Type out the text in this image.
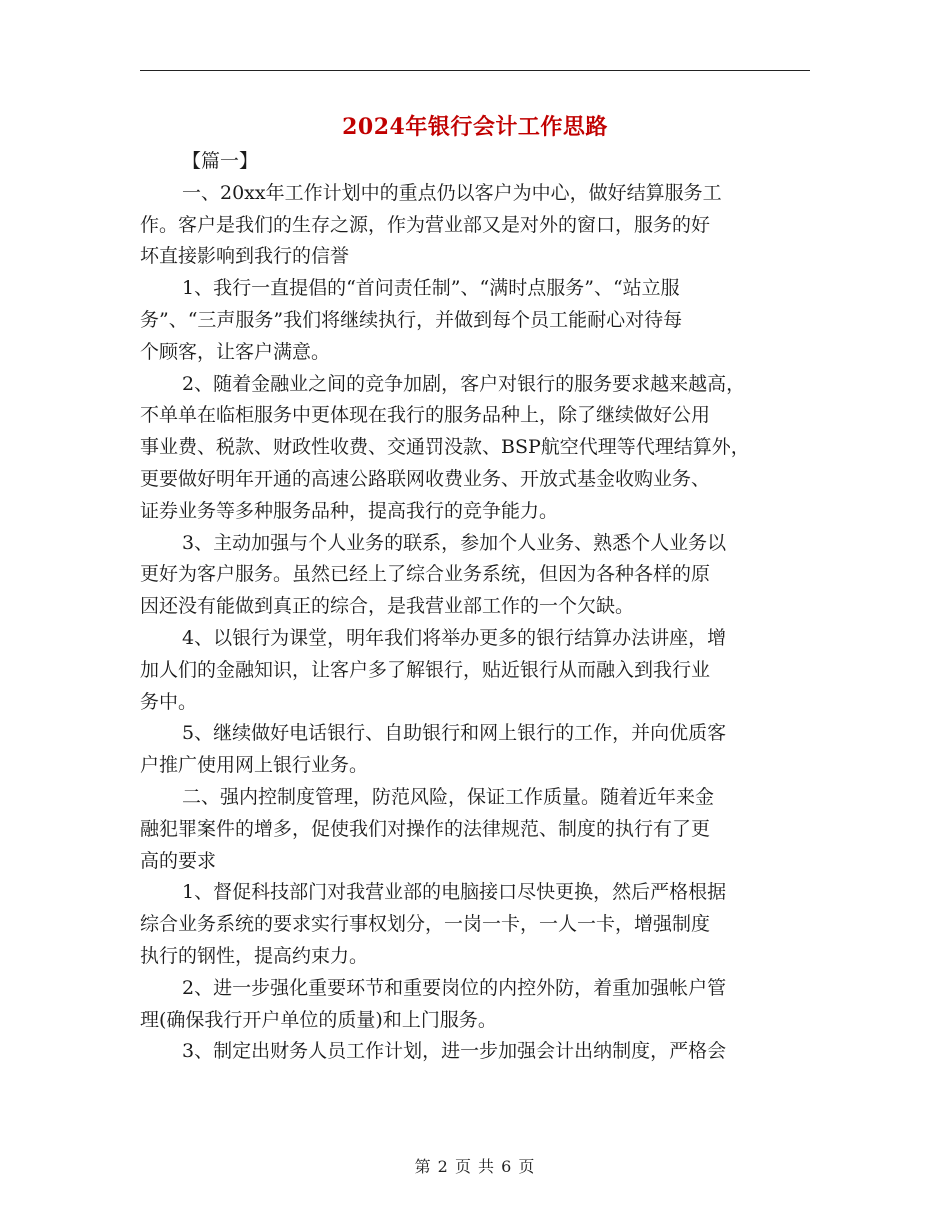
2024年银行会计工作思路
【篇一】
一、20xx年工作计划中的重点仍以客户为中心，做好结算服务工
作。客户是我们的生存之源，作为营业部又是对外的窗口，服务的好
坏直接影响到我行的信誉
1、我行一直提倡的“首问责任制”、“满时点服务”、“站立服
务”、“三声服务”我们将继续执行，并做到每个员工能耐心对待每
个顾客，让客户满意。
2、随着金融业之间的竞争加剧，客户对银行的服务要求越来越高，
不单单在临柜服务中更体现在我行的服务品种上，除了继续做好公用
事业费、税款、财政性收费、交通罚没款、BSP航空代理等代理结算外，
更要做好明年开通的高速公路联网收费业务、开放式基金收购业务、
证券业务等多种服务品种，提高我行的竞争能力。
3、主动加强与个人业务的联系，参加个人业务、熟悉个人业务以
更好为客户服务。虽然已经上了综合业务系统，但因为各种各样的原
因还没有能做到真正的综合，是我营业部工作的一个欠缺。
4、以银行为课堂，明年我们将举办更多的银行结算办法讲座，增
加人们的金融知识，让客户多了解银行，贴近银行从而融入到我行业
务中。
5、继续做好电话银行、自助银行和网上银行的工作，并向优质客
户推广使用网上银行业务。
二、强内控制度管理，防范风险，保证工作质量。随着近年来金
融犯罪案件的增多，促使我们对操作的法律规范、制度的执行有了更
高的要求
1、督促科技部门对我营业部的电脑接口尽快更换，然后严格根据
综合业务系统的要求实行事权划分，一岗一卡，一人一卡，增强制度
执行的钢性，提高约束力。
2、进一步强化重要环节和重要岗位的内控外防，着重加强帐户管
理(确保我行开户单位的质量)和上门服务。
3、制定出财务人员工作计划，进一步加强会计出纳制度，严格会
第 2 页 共 6 页
